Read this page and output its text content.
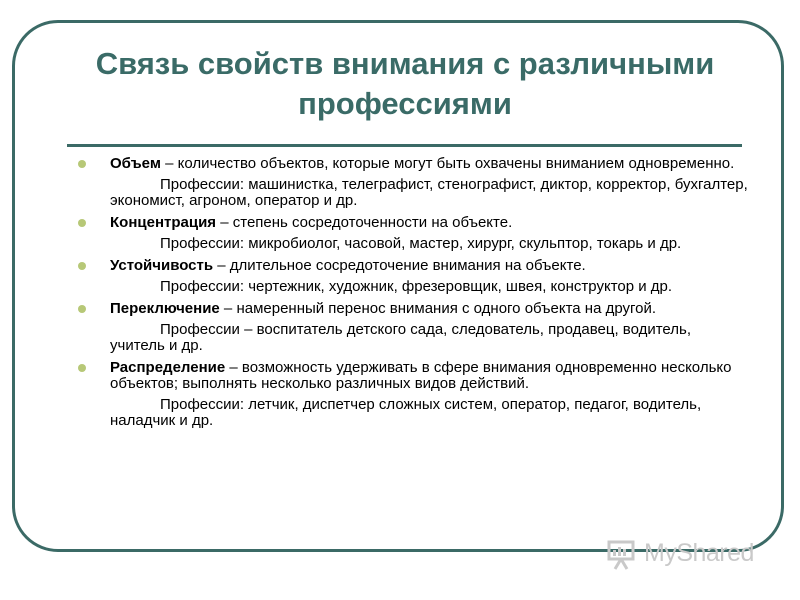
Связь свойств внимания с различными профессиями

Объем – количество объектов, которые могут быть охвачены вниманием одновременно.

Профессии: машинистка, телеграфист, стенографист, диктор, корректор, бухгалтер, экономист, агроном, оператор и др.

Концентрация – степень сосредоточенности на объекте.

Профессии: микробиолог, часовой, мастер, хирург, скульптор, токарь и др.

Устойчивость – длительное сосредоточение внимания на объекте.

Профессии: чертежник, художник, фрезеровщик, швея, конструктор и др.

Переключение – намеренный перенос внимания с одного объекта на другой.

Профессии – воспитатель детского сада, следователь, продавец, водитель, учитель и др.

Распределение – возможность удерживать в сфере внимания одновременно несколько объектов; выполнять несколько различных видов действий.

Профессии: летчик, диспетчер сложных систем, оператор, педагог, водитель, наладчик и др.

MyShared
